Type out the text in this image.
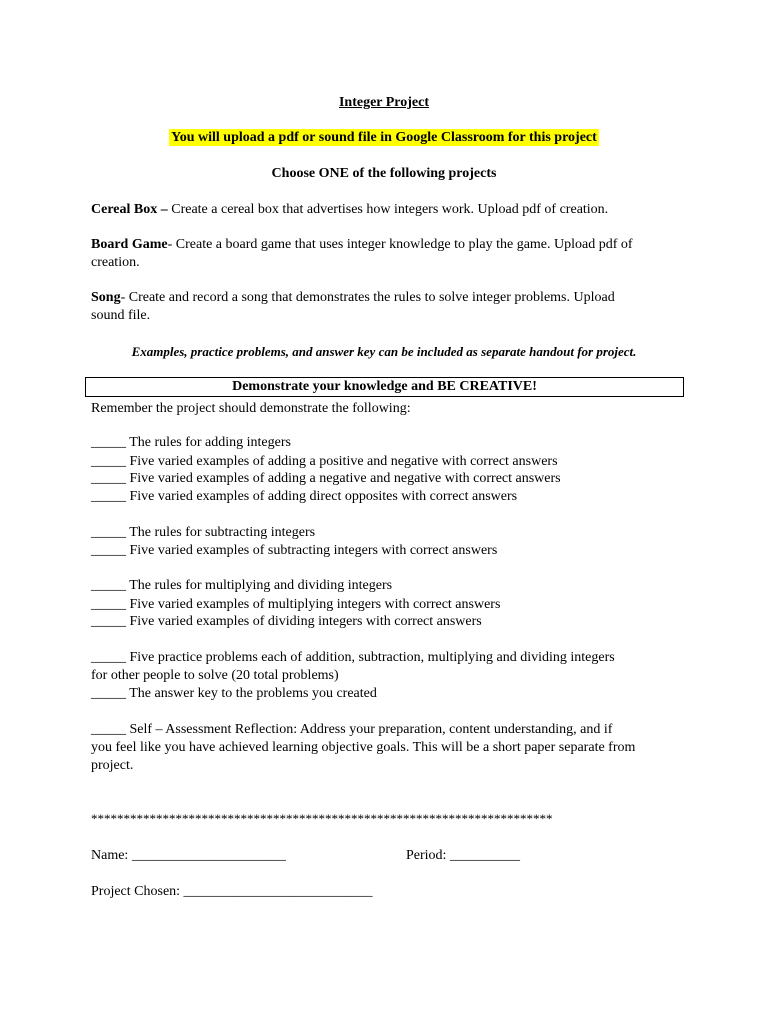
Integer Project
You will upload a pdf or sound file in Google Classroom for this project
Choose ONE of the following projects
Cereal Box – Create a cereal box that advertises how integers work. Upload pdf of creation.
Board Game- Create a board game that uses integer knowledge to play the game. Upload pdf of
creation.
Song- Create and record a song that demonstrates the rules to solve integer problems. Upload
sound file.
Examples, practice problems, and answer key can be included as separate handout for project.
Demonstrate your knowledge and BE CREATIVE!
Remember the project should demonstrate the following:
_____ The rules for adding integers
_____ Five varied examples of adding a positive and negative with correct answers
_____ Five varied examples of adding a negative and negative with correct answers
_____ Five varied examples of adding direct opposites with correct answers
_____ The rules for subtracting integers
_____ Five varied examples of subtracting integers with correct answers
_____ The rules for multiplying and dividing integers
_____ Five varied examples of multiplying integers with correct answers
_____ Five varied examples of dividing integers with correct answers
_____ Five practice problems each of addition, subtraction, multiplying and dividing integers
for other people to solve (20 total problems)
_____ The answer key to the problems you created
_____ Self – Assessment Reflection: Address your preparation, content understanding, and if
you feel like you have achieved learning objective goals. This will be a short paper separate from
project.
***********************************************************************
Name: ______________________	Period: __________
Project Chosen: ___________________________
